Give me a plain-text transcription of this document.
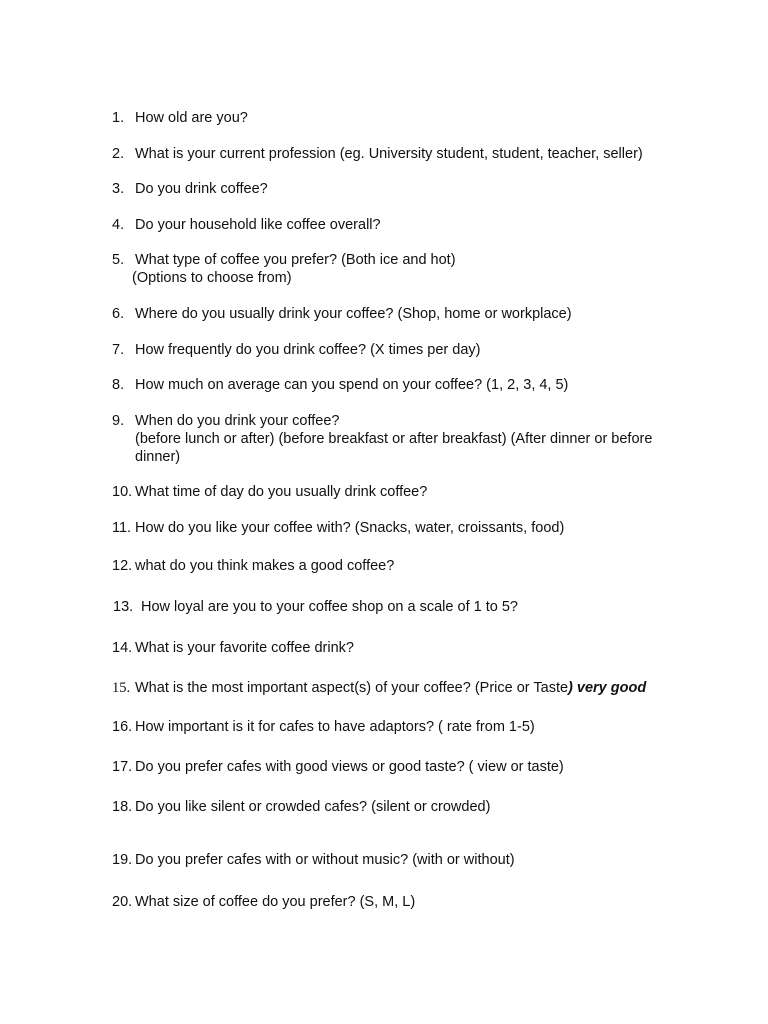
1. How old are you?
2. What is your current profession (eg. University student, student, teacher, seller)
3. Do you drink coffee?
4. Do your household like coffee overall?
5. What type of coffee you prefer? (Both ice and hot)
(Options to choose from)
6. Where do you usually drink your coffee? (Shop, home or workplace)
7. How frequently do you drink coffee? (X times per day)
8. How much on average can you spend on your coffee? (1, 2, 3, 4, 5)
9. When do you drink your coffee?
(before lunch or after) (before breakfast or after breakfast) (After dinner or before
dinner)
10. What time of day do you usually drink coffee?
11. How do you like your coffee with? (Snacks, water, croissants, food)
12. what do you think makes a good coffee?
13. How loyal are you to your coffee shop on a scale of 1 to 5?
14. What is your favorite coffee drink?
15. What is the most important aspect(s) of your coffee? (Price or Taste) very good
16. How important is it for cafes to have adaptors? ( rate from 1-5)
17. Do you prefer cafes with good views or good taste? ( view or taste)
18. Do you like silent or crowded cafes? (silent or crowded)
19. Do you prefer cafes with or without music? (with or without)
20. What size of coffee do you prefer? (S, M, L)
